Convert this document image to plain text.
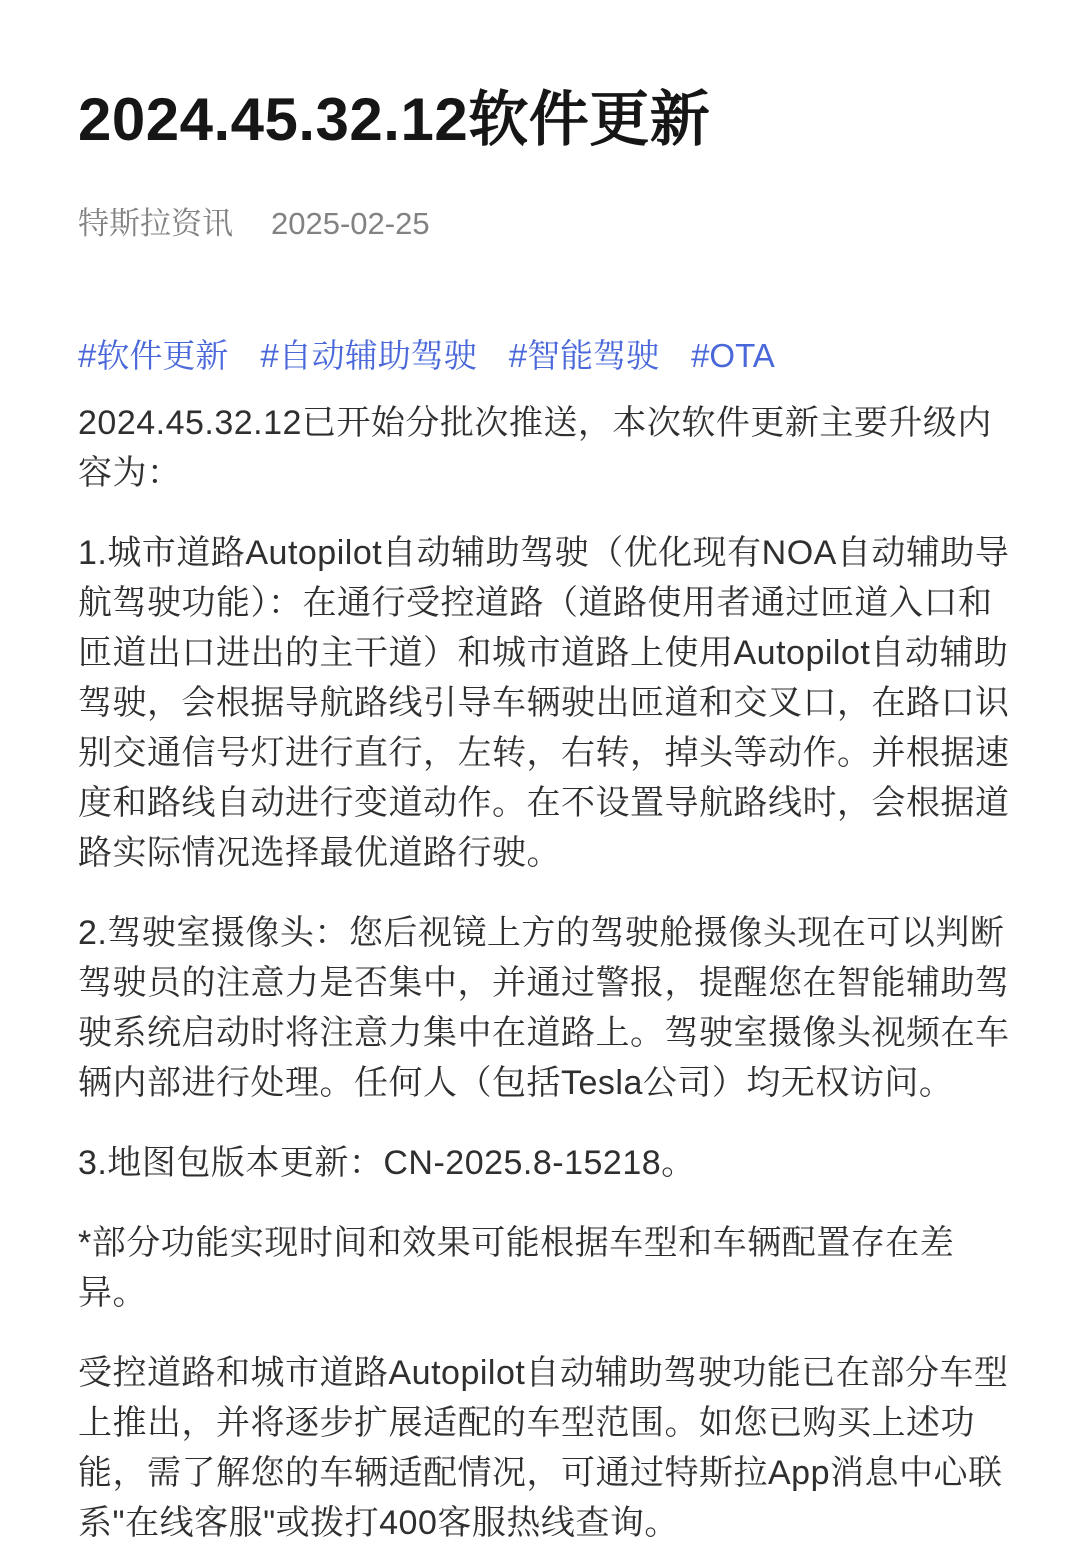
2024.45.32.12软件更新
特斯拉资讯 2025-02-25
#软件更新 #自动辅助驾驶 #智能驾驶 #OTA

2024.45.32.12已开始分批次推送，本次软件更新主要升级内容为：

1.城市道路Autopilot自动辅助驾驶（优化现有NOA自动辅助导航驾驶功能）：在通行受控道路（道路使用者通过匝道入口和匝道出口进出的主干道）和城市道路上使用Autopilot自动辅助驾驶，会根据导航路线引导车辆驶出匝道和交叉口，在路口识别交通信号灯进行直行，左转，右转，掉头等动作。并根据速度和路线自动进行变道动作。在不设置导航路线时，会根据道路实际情况选择最优道路行驶。

2.驾驶室摄像头：您后视镜上方的驾驶舱摄像头现在可以判断驾驶员的注意力是否集中，并通过警报，提醒您在智能辅助驾驶系统启动时将注意力集中在道路上。驾驶室摄像头视频在车辆内部进行处理。任何人（包括Tesla公司）均无权访问。

3.地图包版本更新：CN-2025.8-15218。

*部分功能实现时间和效果可能根据车型和车辆配置存在差异。

受控道路和城市道路Autopilot自动辅助驾驶功能已在部分车型上推出，并将逐步扩展适配的车型范围。如您已购买上述功能，需了解您的车辆适配情况，可通过特斯拉App消息中心联系"在线客服"或拨打400客服热线查询。
